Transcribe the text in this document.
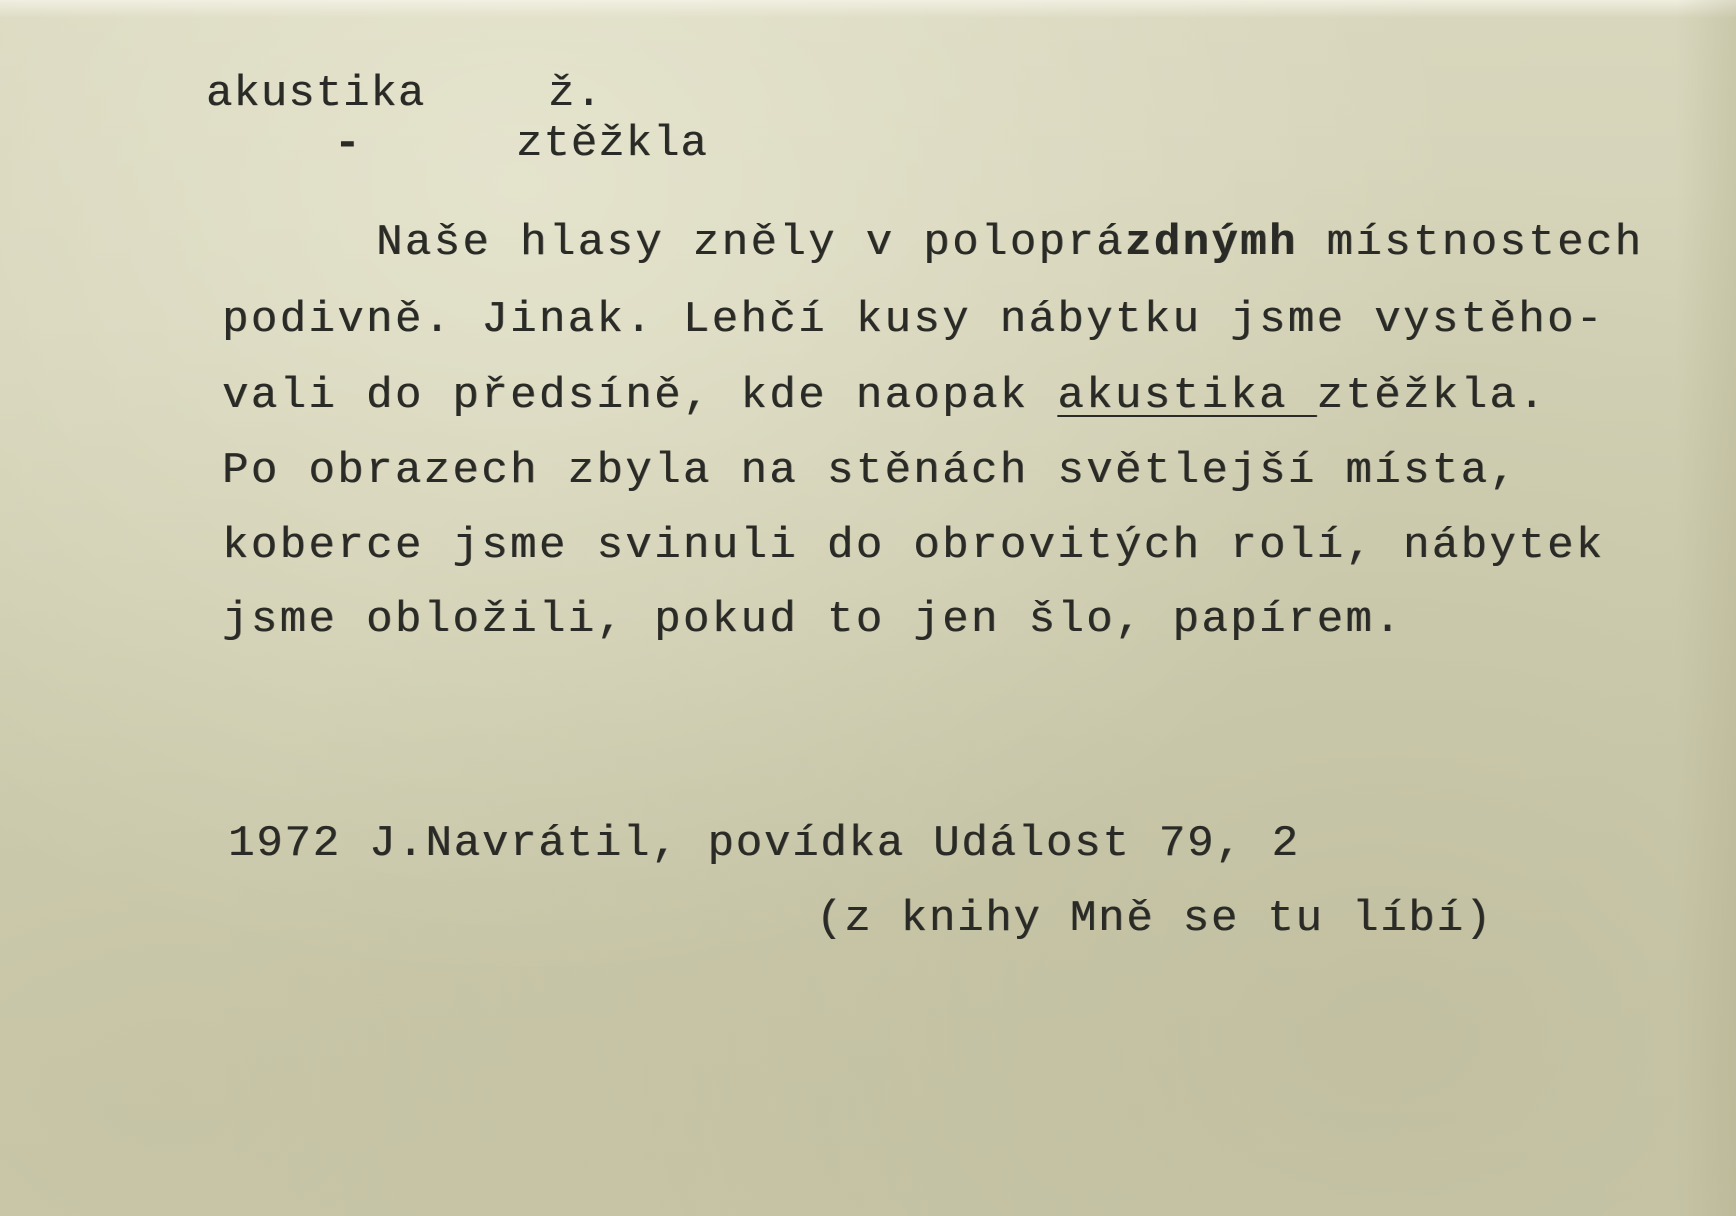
akustika	ž.
-	ztěžkla
Naše hlasy zněly v poloprázdnýmh místnostech
podivně. Jinak. Lehčí kusy nábytku jsme vystěho-
vali do předsíně, kde naopak akustika ztěžkla.
Po obrazech zbyla na stěnách světlejší místa,
koberce jsme svinuli do obrovitých rolí, nábytek
jsme obložili, pokud to jen šlo, papírem.
1972 J.Navrátil, povídka Událost 79, 2
(z knihy Mně se tu líbí)
